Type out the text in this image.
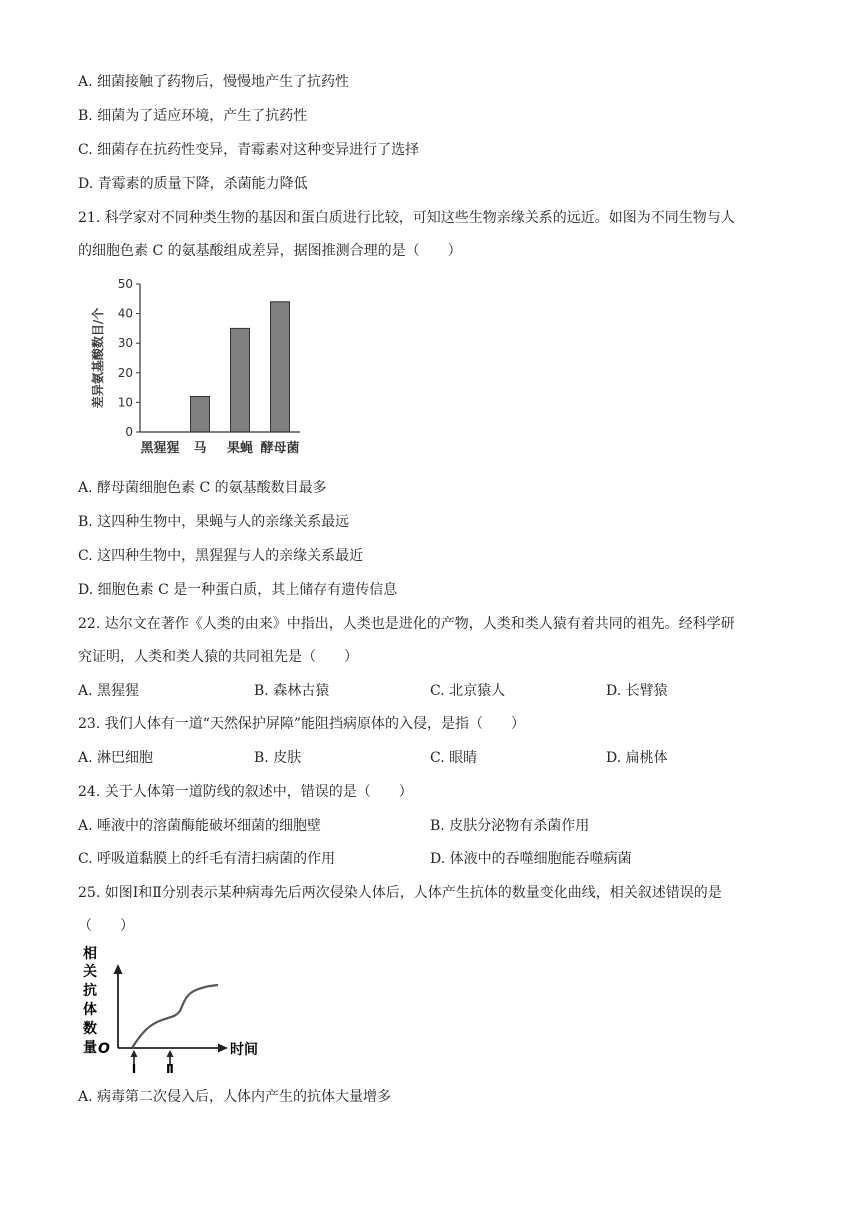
A. 细菌接触了药物后，慢慢地产生了抗药性
B. 细菌为了适应环境，产生了抗药性
C. 细菌存在抗药性变异，青霉素对这种变异进行了选择
D. 青霉素的质量下降，杀菌能力降低
21. 科学家对不同种类生物的基因和蛋白质进行比较，可知这些生物亲缘关系的远近。如图为不同生物与人
的细胞色素 C 的氨基酸组成差异，据图推测合理的是（　　）
0
10
20
30
40
50
黑猩猩 马 果蝇 酵母菌
差异氨基酸数目/个
A. 酵母菌细胞色素 C 的氨基酸数目最多
B. 这四种生物中，果蝇与人的亲缘关系最远
C. 这四种生物中，黑猩猩与人的亲缘关系最近
D. 细胞色素 C 是一种蛋白质，其上储存有遗传信息
22. 达尔文在著作《人类的由来》中指出，人类也是进化的产物，人类和类人猿有着共同的祖先。经科学研
究证明，人类和类人猿的共同祖先是（　　）
A. 黑猩猩	B. 森林古猿	C. 北京猿人	D. 长臂猿
23. 我们人体有一道“天然保护屏障”能阻挡病原体的入侵，是指（　　）
A. 淋巴细胞	B. 皮肤	C. 眼睛	D. 扁桃体
24. 关于人体第一道防线的叙述中，错误的是（　　）
A. 唾液中的溶菌酶能破坏细菌的细胞壁	B. 皮肤分泌物有杀菌作用
C. 呼吸道黏膜上的纤毛有清扫病菌的作用	D. 体液中的吞噬细胞能吞噬病菌
25. 如图Ⅰ和Ⅱ分别表示某种病毒先后两次侵染人体后，人体产生抗体的数量变化曲线，相关叙述错误的是
（　　）
相
关
抗
体
数
量 O	时间
Ⅰ Ⅱ
A. 病毒第二次侵入后，人体内产生的抗体大量增多
